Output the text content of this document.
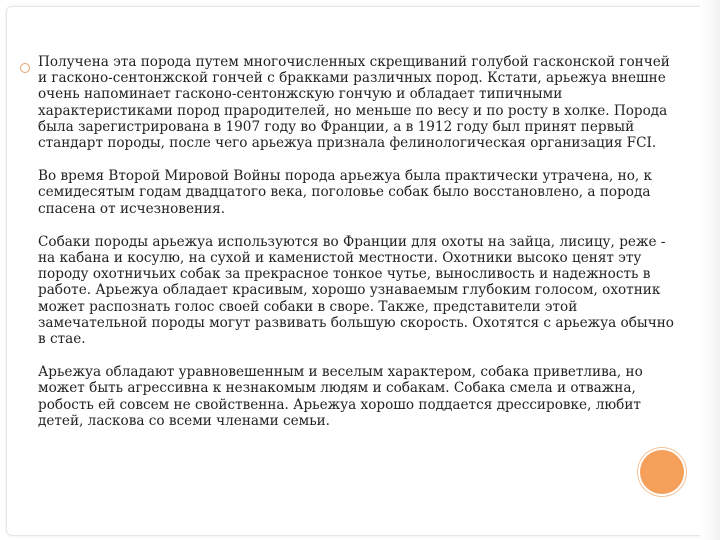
Получена эта порода путем многочисленных скрещиваний голубой гасконской гончей и гасконо-сентонжской гончей с бракками различных пород. Кстати, арьежуа внешне очень напоминает гасконо-сентонжскую гончую и обладает типичными характеристиками пород прародителей, но меньше по весу и по росту в холке. Порода была зарегистрирована в 1907 году во Франции, а в 1912 году был принят первый стандарт породы, после чего арьежуа признала фелинологическая организация FCI.

Во время Второй Мировой Войны порода арьежуа была практически утрачена, но, к семидесятым годам двадцатого века, поголовье собак было восстановлено, а порода спасена от исчезновения.

Собаки породы арьежуа используются во Франции для охоты на зайца, лисицу, реже - на кабана и косулю, на сухой и каменистой местности. Охотники высоко ценят эту породу охотничьих собак за прекрасное тонкое чутье, выносливость и надежность в работе. Арьежуа обладает красивым, хорошо узнаваемым глубоким голосом, охотник может распознать голос своей собаки в своре. Также, представители этой замечательной породы могут развивать большую скорость. Охотятся с арьежуа обычно в стае.

Арьежуа обладают уравновешенным и веселым характером, собака приветлива, но может быть агрессивна к незнакомым людям и собакам. Собака смела и отважна, робость ей совсем не свойственна. Арьежуа хорошо поддается дрессировке, любит детей, ласкова со всеми членами семьи.
